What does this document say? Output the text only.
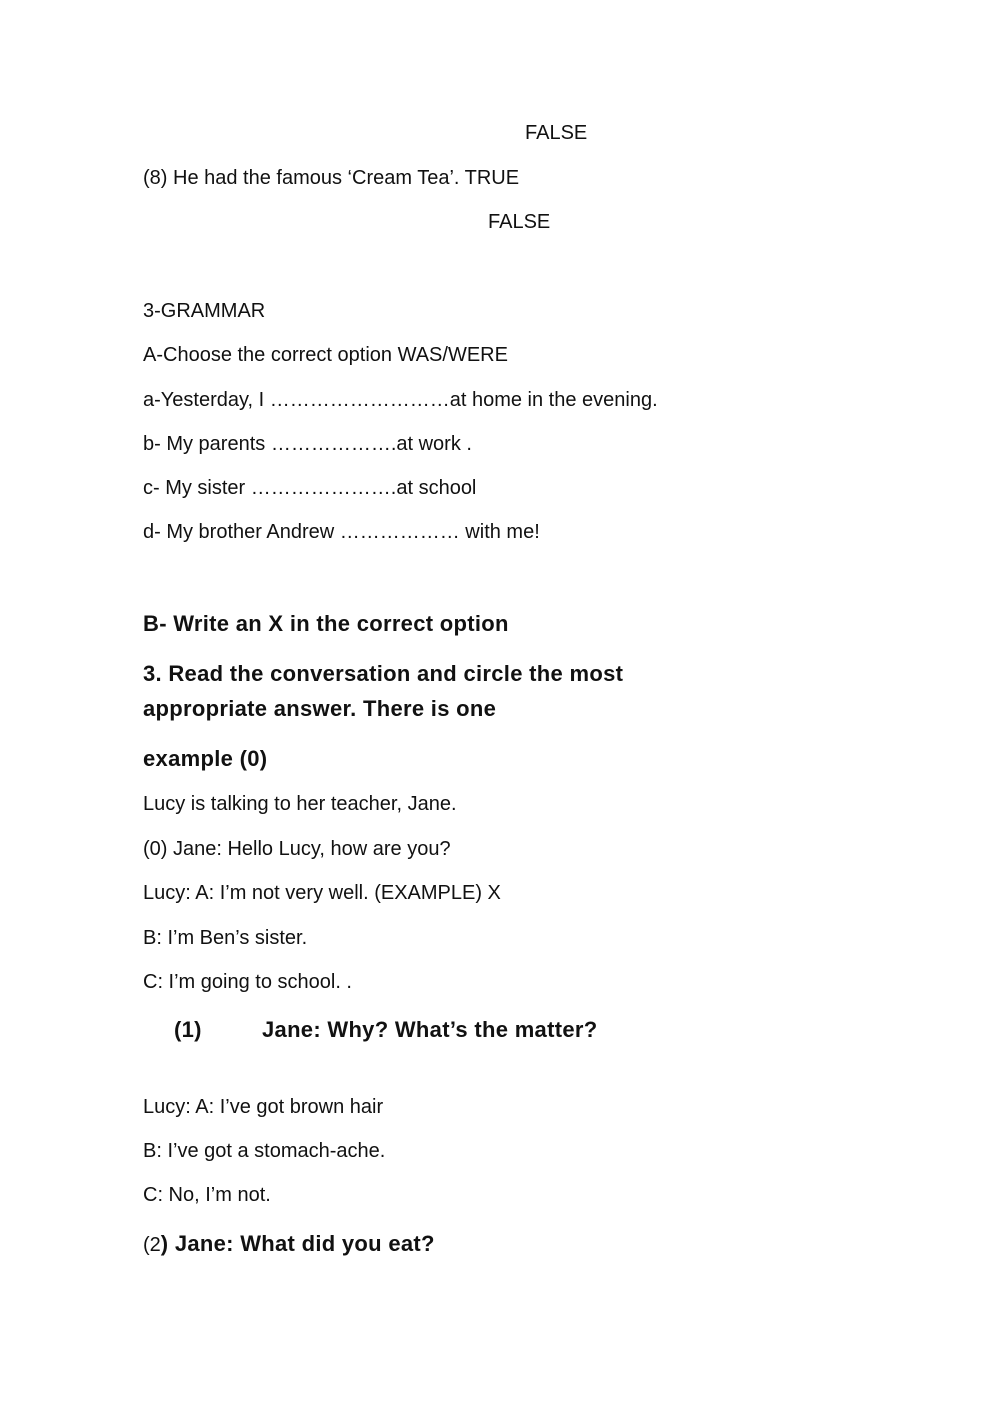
FALSE
(8) He had the famous ‘Cream Tea’. TRUE
FALSE
3-GRAMMAR
A-Choose the correct option WAS/WERE
a-Yesterday, I ………………………at home in the evening.
b- My parents ……………….at work .
c- My sister ………………….at school
d- My brother Andrew ……………… with me!
B- Write an X in the correct option
3. Read the conversation and circle the most
appropriate answer. There is one
example (0)
Lucy is talking to her teacher, Jane.
(0) Jane: Hello Lucy, how are you?
Lucy: A: I’m not very well. (EXAMPLE) X
B: I’m Ben’s sister.
C: I’m going to school. .
(1)	Jane: Why? What’s the matter?
Lucy: A: I’ve got brown hair
B: I’ve got a stomach-ache.
C: No, I’m not.
(2) Jane: What did you eat?
